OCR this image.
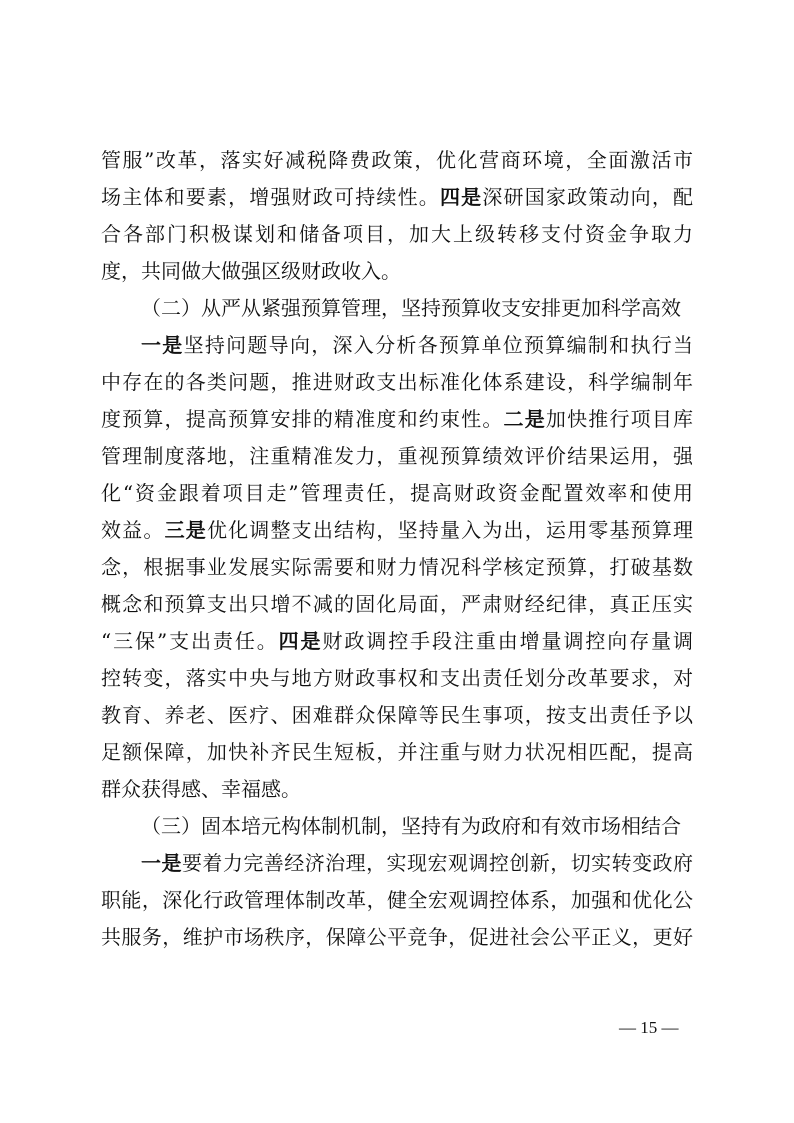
管服”改革，落实好减税降费政策，优化营商环境，全面激活市
场主体和要素，增强财政可持续性。四是深研国家政策动向，配
合各部门积极谋划和储备项目，加大上级转移支付资金争取力
度，共同做大做强区级财政收入。
（二）从严从紧强预算管理，坚持预算收支安排更加科学高效
一是坚持问题导向，深入分析各预算单位预算编制和执行当
中存在的各类问题，推进财政支出标准化体系建设，科学编制年
度预算，提高预算安排的精准度和约束性。二是加快推行项目库
管理制度落地，注重精准发力，重视预算绩效评价结果运用，强
化“资金跟着项目走”管理责任，提高财政资金配置效率和使用
效益。三是优化调整支出结构，坚持量入为出，运用零基预算理
念，根据事业发展实际需要和财力情况科学核定预算，打破基数
概念和预算支出只增不减的固化局面，严肃财经纪律，真正压实
“三保”支出责任。四是财政调控手段注重由增量调控向存量调
控转变，落实中央与地方财政事权和支出责任划分改革要求，对
教育、养老、医疗、困难群众保障等民生事项，按支出责任予以
足额保障，加快补齐民生短板，并注重与财力状况相匹配，提高
群众获得感、幸福感。
（三）固本培元构体制机制，坚持有为政府和有效市场相结合
一是要着力完善经济治理，实现宏观调控创新，切实转变政府
职能，深化行政管理体制改革，健全宏观调控体系，加强和优化公
共服务，维护市场秩序，保障公平竞争，促进社会公平正义，更好
— 15 —
